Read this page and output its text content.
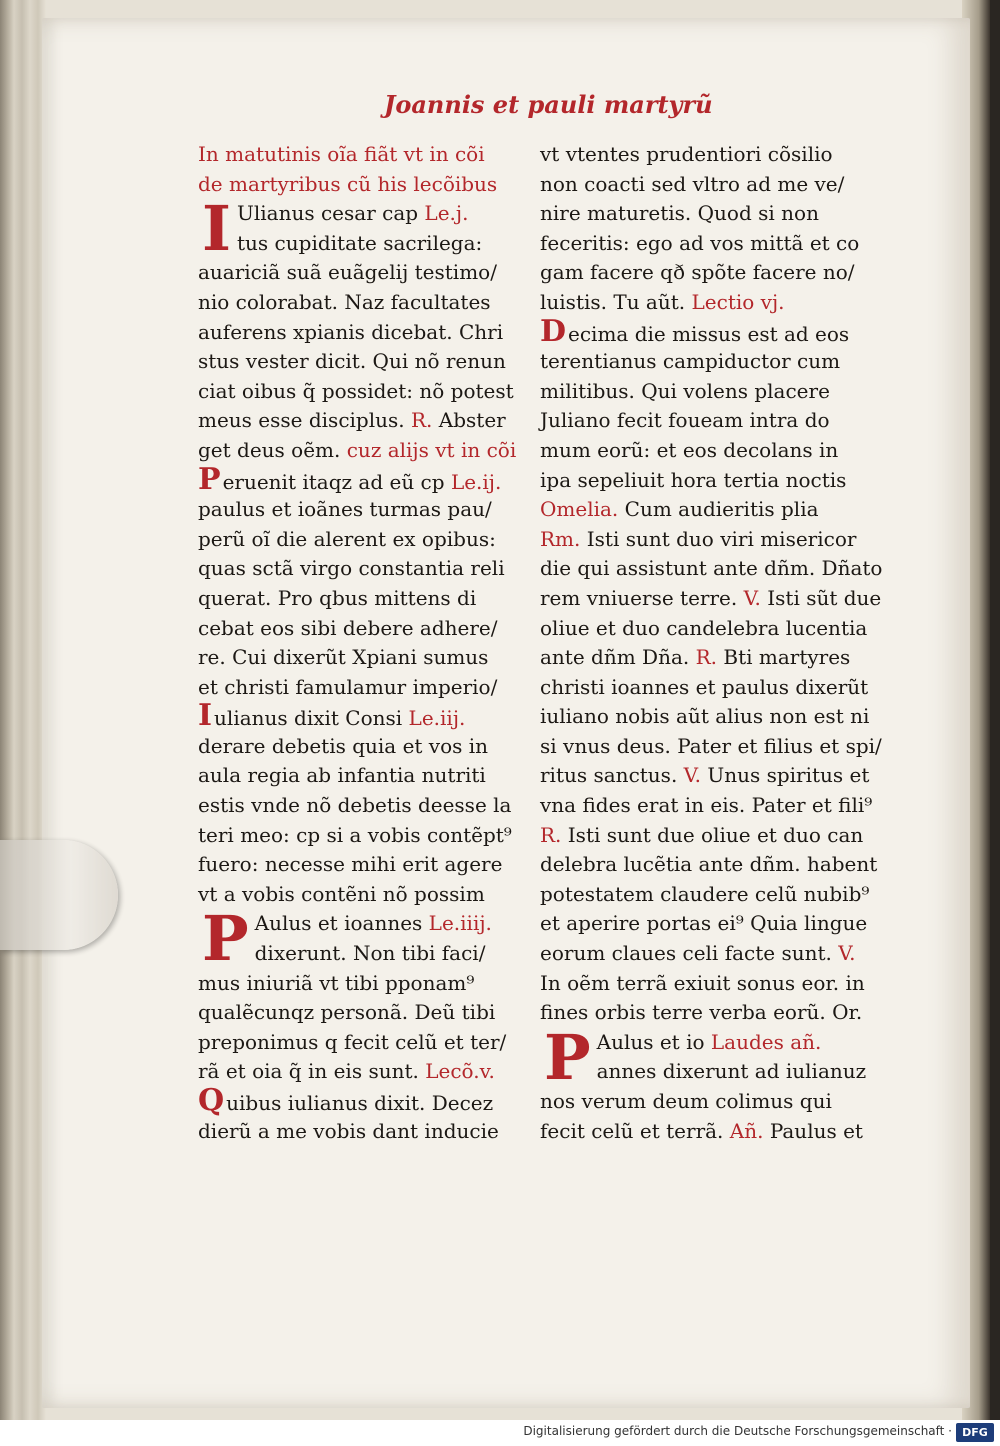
Joannis et pauli martyrũ
In matutinis oĩa fiãt vt in cõi
de martyribus cũ his lecõibus
I Ulianus cesar cap Le.j.
tus cupiditate sacrilega:
auariciã suã euãgelij testimo/
nio colorabat. Naz facultates
auferens xpianis dicebat. Chri
stus vester dicit. Qui nõ renun
ciat oibus q̃ possidet: nõ potest
meus esse disciplus. R. Abster
get deus oẽm. cuz alijs vt in cõi
Peruenit itaqz ad eũ cp Le.ij.
paulus et ioãnes turmas pau/
perũ oĩ die alerent ex opibus:
quas sctã virgo constantia reli
querat. Pro qbus mittens di
cebat eos sibi debere adhere/
re. Cui dixerũt Xpiani sumus
et christi famulamur imperio/
Iulianus dixit Consi Le.iij.
derare debetis quia et vos in
aula regia ab infantia nutriti
estis vnde nõ debetis deesse la
teri meo: cp si a vobis contẽpt⁹
fuero: necesse mihi erit agere
vt a vobis contẽni nõ possim
P Aulus et ioannes Le.iiij.
dixerunt. Non tibi faci/
mus iniuriã vt tibi pponam⁹
qualẽcunqz personã. Deũ tibi
preponimus q fecit celũ et ter/
rã et oia q̃ in eis sunt. Lecõ.v.
Quibus iulianus dixit. Decez
dierũ a me vobis dant inducie
vt vtentes prudentiori cõsilio
non coacti sed vltro ad me ve/
nire maturetis. Quod si non
feceritis: ego ad vos mittã et co
gam facere qð spõte facere no/
luistis. Tu aũt. Lectio vj.
Decima die missus est ad eos
terentianus campiductor cum
militibus. Qui volens placere
Juliano fecit foueam intra do
mum eorũ: et eos decolans in
ipa sepeliuit hora tertia noctis
Omelia. Cum audieritis plia
Rm. Isti sunt duo viri misericor
die qui assistunt ante dñm. Dñato
rem vniuerse terre. V. Isti sũt due
oliue et duo candelebra lucentia
ante dñm Dña. R. Bti martyres
christi ioannes et paulus dixerũt
iuliano nobis aũt alius non est ni
si vnus deus. Pater et filius et spi/
ritus sanctus. V. Unus spiritus et
vna fides erat in eis. Pater et fili⁹
R. Isti sunt due oliue et duo can
delebra lucẽtia ante dñm. habent
potestatem claudere celũ nubib⁹
et aperire portas ei⁹ Quia lingue
eorum claues celi facte sunt. V.
In oẽm terrã exiuit sonus eor. in
fines orbis terre verba eorũ. Or.
P Aulus et io Laudes añ.
annes dixerunt ad iulianuz
nos verum deum colimus qui
fecit celũ et terrã. Añ. Paulus et
Digitalisierung gefördert durch die Deutsche Forschungsgemeinschaft · DFG
